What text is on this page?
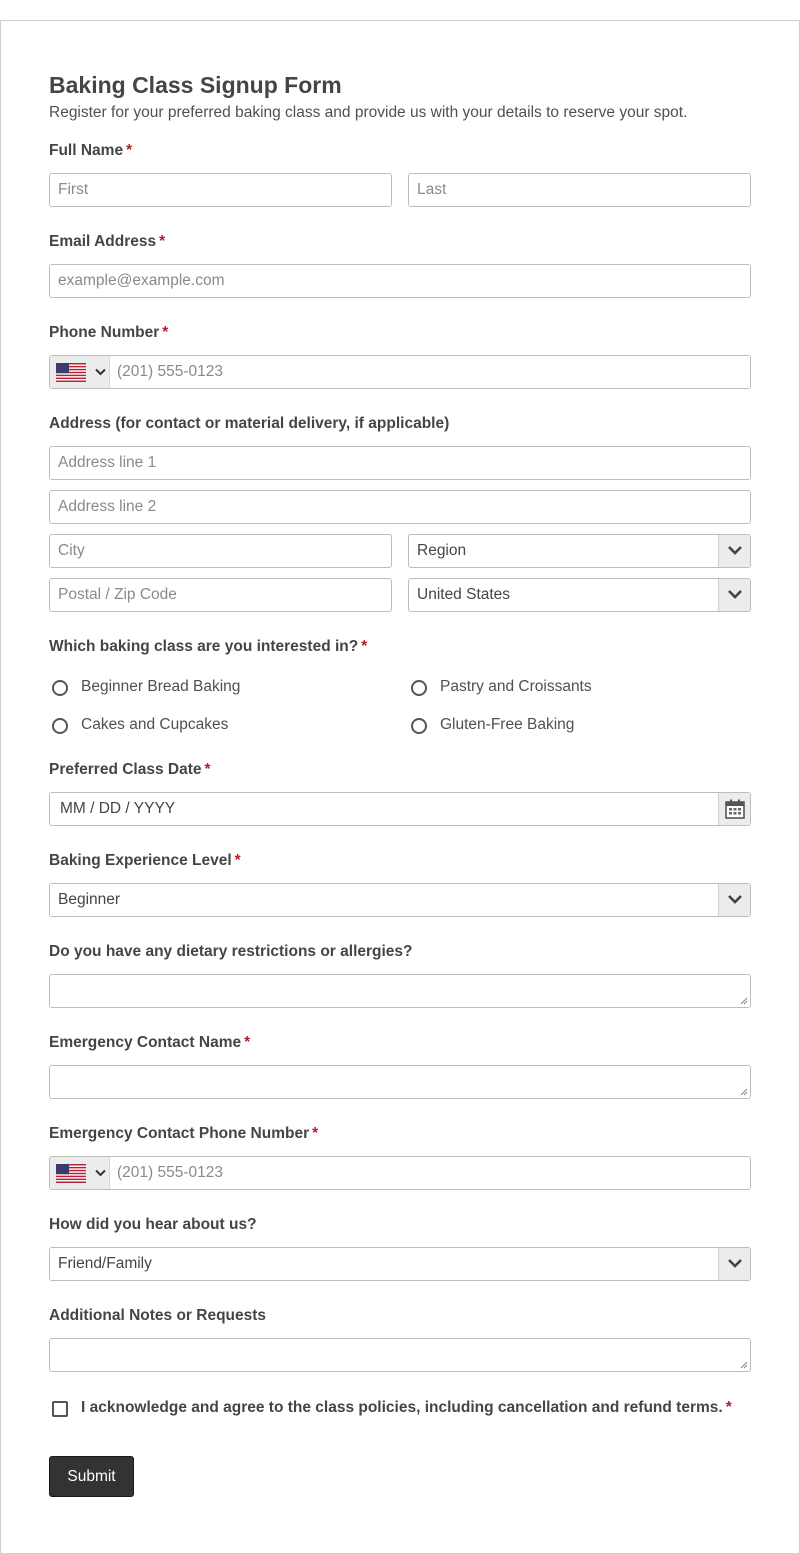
Baking Class Signup Form
Register for your preferred baking class and provide us with your details to reserve your spot.
Full Name *
First	Last
Email Address *
example@example.com
Phone Number *
(201) 555-0123
Address (for contact or material delivery, if applicable)
Address line 1
Address line 2
City	Region
Postal / Zip Code	United States
Which baking class are you interested in? *
Beginner Bread Baking	Pastry and Croissants
Cakes and Cupcakes	Gluten-Free Baking
Preferred Class Date *
MM / DD / YYYY
Baking Experience Level *
Beginner
Do you have any dietary restrictions or allergies?
Emergency Contact Name *
Emergency Contact Phone Number *
(201) 555-0123
How did you hear about us?
Friend/Family
Additional Notes or Requests
I acknowledge and agree to the class policies, including cancellation and refund terms. *
Submit
